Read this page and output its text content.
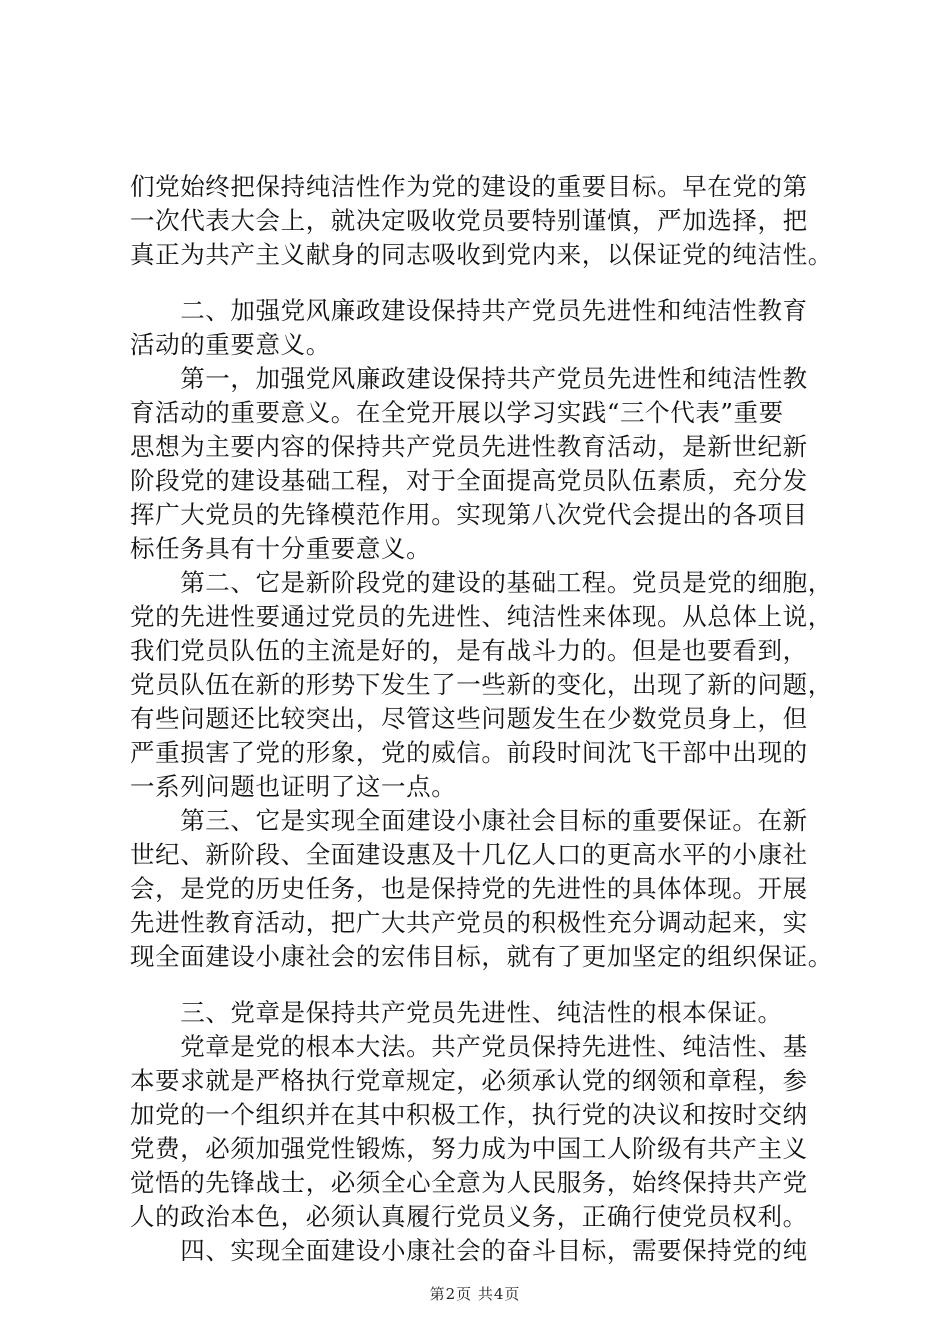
们党始终把保持纯洁性作为党的建设的重要目标。早在党的第
一次代表大会上，就决定吸收党员要特别谨慎，严加选择，把
真正为共产主义献身的同志吸收到党内来，以保证党的纯洁性。
　　二、加强党风廉政建设保持共产党员先进性和纯洁性教育
活动的重要意义。
　　第一，加强党风廉政建设保持共产党员先进性和纯洁性教
育活动的重要意义。在全党开展以学习实践“三个代表”重要
思想为主要内容的保持共产党员先进性教育活动，是新世纪新
阶段党的建设基础工程，对于全面提高党员队伍素质，充分发
挥广大党员的先锋模范作用。实现第八次党代会提出的各项目
标任务具有十分重要意义。
　　第二、它是新阶段党的建设的基础工程。党员是党的细胞，
党的先进性要通过党员的先进性、纯洁性来体现。从总体上说，
我们党员队伍的主流是好的，是有战斗力的。但是也要看到，
党员队伍在新的形势下发生了一些新的变化，出现了新的问题，
有些问题还比较突出，尽管这些问题发生在少数党员身上，但
严重损害了党的形象，党的威信。前段时间沈飞干部中出现的
一系列问题也证明了这一点。
　　第三、它是实现全面建设小康社会目标的重要保证。在新
世纪、新阶段、全面建设惠及十几亿人口的更高水平的小康社
会，是党的历史任务，也是保持党的先进性的具体体现。开展
先进性教育活动，把广大共产党员的积极性充分调动起来，实
现全面建设小康社会的宏伟目标，就有了更加坚定的组织保证。
　　三、党章是保持共产党员先进性、纯洁性的根本保证。
　　党章是党的根本大法。共产党员保持先进性、纯洁性、基
本要求就是严格执行党章规定，必须承认党的纲领和章程，参
加党的一个组织并在其中积极工作，执行党的决议和按时交纳
党费，必须加强党性锻炼，努力成为中国工人阶级有共产主义
觉悟的先锋战士，必须全心全意为人民服务，始终保持共产党
人的政治本色，必须认真履行党员义务，正确行使党员权利。
　　四、实现全面建设小康社会的奋斗目标，需要保持党的纯
第2页 共4页
